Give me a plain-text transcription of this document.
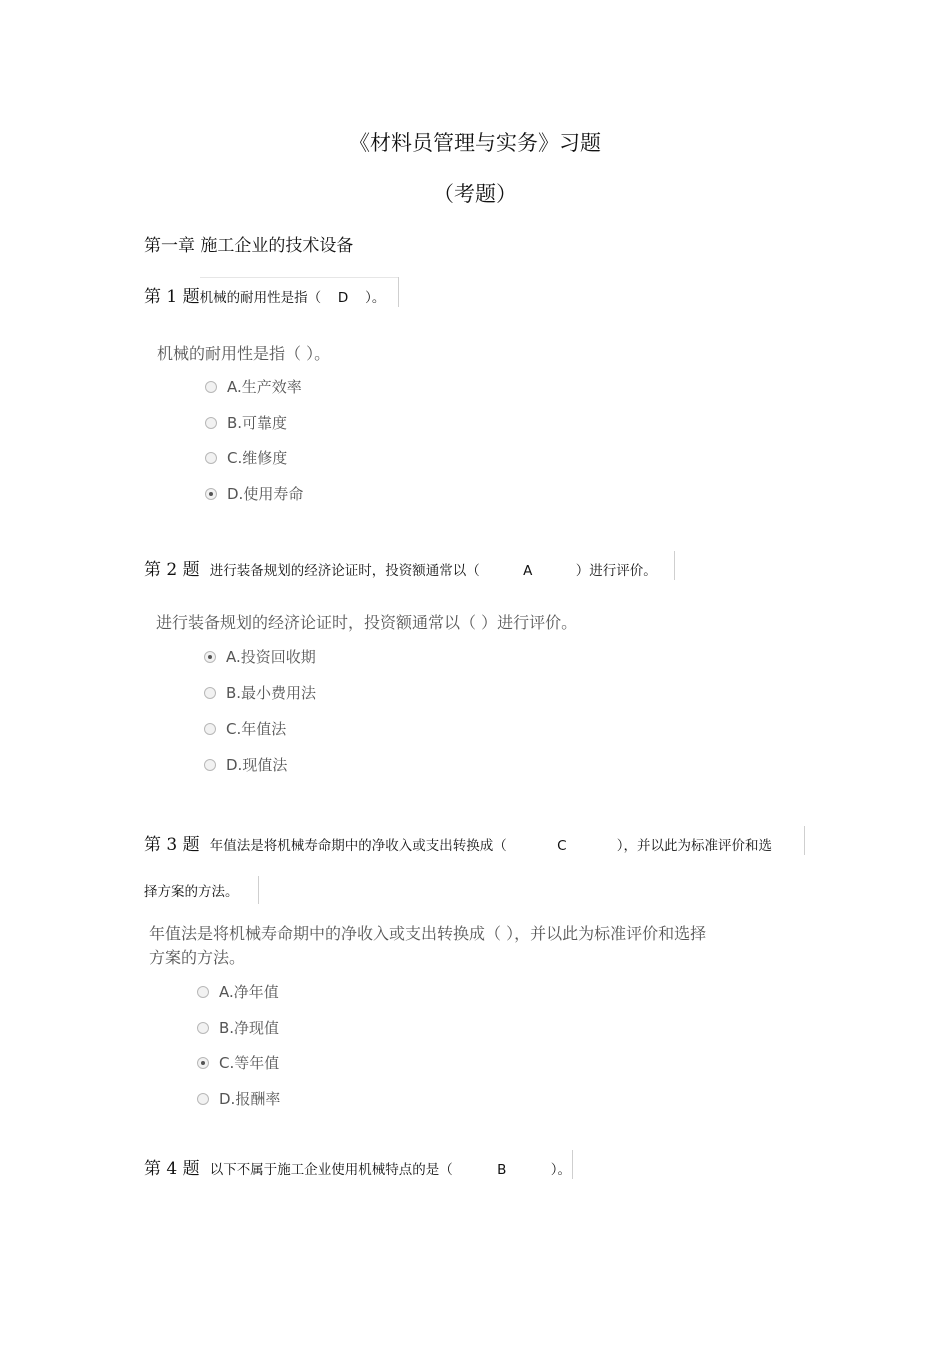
《材料员管理与实务》习题
（考题）
第一章 施工企业的技术设备
第 1 题机械的耐用性是指（ D ）。
机械的耐用性是指（ ）。
A.生产效率
B.可靠度
C.维修度
D.使用寿命
第 2 题 进行装备规划的经济论证时，投资额通常以（	A	）进行评价。
进行装备规划的经济论证时，投资额通常以（ ）进行评价。
A.投资回收期
B.最小费用法
C.年值法
D.现值法
第 3 题 年值法是将机械寿命期中的净收入或支出转换成（	C	），并以此为标准评价和选
择方案的方法。
年值法是将机械寿命期中的净收入或支出转换成（ ），并以此为标准评价和选择
方案的方法。
A.净年值
B.净现值
C.等年值
D.报酬率
第 4 题 以下不属于施工企业使用机械特点的是（	B	）。
